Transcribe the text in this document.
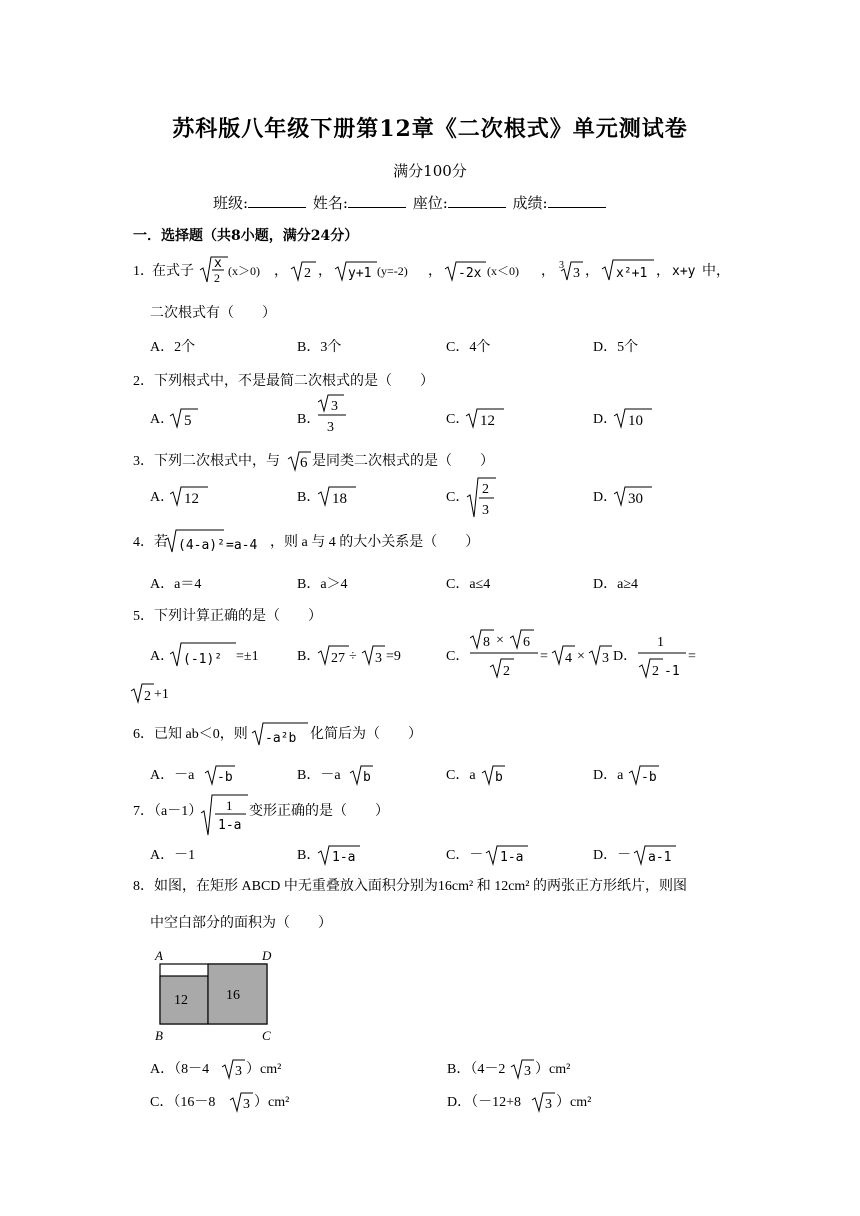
苏科版八年级下册第12章《二次根式》单元测试卷
满分100分
班级:	姓名:	座位:	成绩:
一．选择题（共8小题，满分24分）
1．
在式子
x
2 (x＞0) ， 2 ， y+1 (y=-2) ， -2x (x＜0) ， 3
3 ， x²+1 ， x+y 中，
二次根式有（　　）
A．2个	B．3个	C．4个	D．5个
2．下列根式中，不是最简二次根式的是（　　）
A． 5	B．
3
3
C． 12	D． 10
3．下列二次根式中，与 6 是同类二次根式的是（　　）
A． 12	B． 18	C．
2
3
D． 30
4．若 (4-a)² =a-4 ，则 a 与 4 的大小关系是（　　）
A．a＝4	B．a＞4	C．a≤4	D．a≥4
5．下列计算正确的是（　　）
A． (-1)² =±1	B． 27 ÷ 3 =9	C．
8 × 6
2
= 4 × 3 D．
1
2 -1
=
2 +1
6．已知 ab＜0，则 -a²b 化简后为（　　）
A．－a -b	B．－a b	C．a b	D．a -b
7．（a－1） 1
1-a
变形正确的是（　　）
A．－1	B． 1-a	C．－ 1-a	D．－ a-1
8．如图，在矩形 ABCD 中无重叠放入面积分别为16cm² 和 12cm² 的两张正方形纸片，则图
中空白部分的面积为（　　）
12	16
A	D
B	C
A．（8－4 3 ）cm²	B．（4－2 3 ）cm²
C．（16－8 3 ）cm²	D．（－12+8 3 ）cm²
